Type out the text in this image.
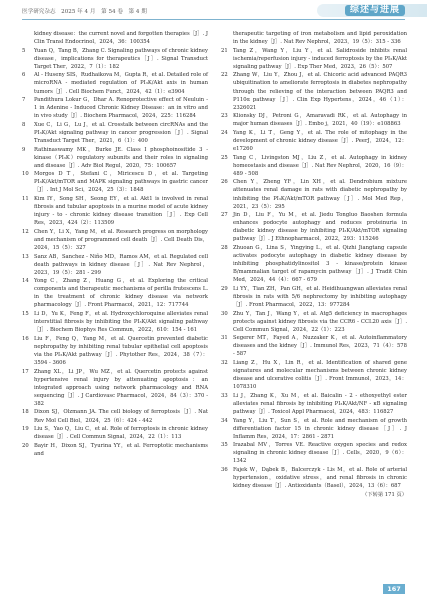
医学研究杂志　2025 年 4 月　第 54 卷　第 4 期	综述与进展
kidney disease：the current novel and forgotten therapies［J］. J Clin Transl Endocrinol，2024，36：100354
5	Yuan Q，Tang B，Zhang C. Signaling pathways of chronic kidney disease，implications for therapeutics［J］. Signal Transduct Target Ther，2022，7（1）：182
6	Al - Huseny SIS，Rudhaikova M，Gupta R，et al. Detailed role of microRNA - mediated regulation of PI₃K/Akt axis in human tumors［J］. Cell Biochem Funct，2024，42（1）：e3904
7	Pandithura Lokur G，Dhar A. Renoprotective effect of Neuluin - 1 in Adenine - Induced Chronic Kidney Disease：an in vitro and in vivo study［J］. Biochem Pharmacol，2024，225：116284
8	Xue C，Li G，Lu J，et al. Crosstalk between circRNAs and the PI₃K/Akt signaling pathway in cancer progression［J］. Signal Transduct Target Ther，2021，6（1）：400
9	Rathinaswamy MK，Burke JE. Class I phosphoinositide 3 - kinase（PI₃K）regulatory subunits and their roles in signaling and disease［J］. Adv Biol Regul，2020，75：100657
10	Morgos D T，Stefani C，Miricescu D，et al. Targeting PI₃K/Akt/mTOR and MAPK signaling pathways in gastric cancer［J］. Int J Mol Sci，2024，25（3）：1848
11	Kim IY，Song SH，Seong EY，et al. Akt1 is involved in renal fibrosis and tubular apoptosis in a murine model of acute kidney injury - to - chronic kidney disease transition［J］. Exp Cell Res，2023，424（2）：113509
12	Chen Y，Li X，Yang M，et al. Research progress on morphology and mechanism of programmed cell death［J］. Cell Death Dis，2024，15（5）：327
13	Sanz AB，Sanchez - Niño MD，Ramos AM，et al. Regulated cell death pathways in kidney disease［J］. Nat Rev Nephrol，2023，19（5）：281 - 299
14	Yong C，Zhang Z，Huang G，et al. Exploring the critical components and therapeutic mechanisms of perilla frutescens L. in the treatment of chronic kidney disease via network pharmacology［J］. Front Pharmacol，2021，12：717744
15	Li D，Yu K，Feng F，et al. Hydroxychloroquine alleviates renal interstitial fibrosis by inhibiting the PI₃K/Akt signaling pathway［J］. Biochem Biophys Res Commun，2022，610：154 - 161
16	Liu F，Feng Q，Yang M，et al. Quercetin prevented diabetic nephropathy by inhibiting renal tubular epithelial cell apoptosis via the PI₃K/Akt pathway［J］. Phytother Res，2024，38（7）：3594 - 3606
17	Zhang XL，Li JP，Wu MZ，et al. Quercetin protects against hypertensive renal injury by attenuating apoptosis：an integrated approach using network pharmacology and RNA sequencing［J］. J Cardiovasc Pharmacol，2024，84（3）：370 - 382
18	Dixon SJ，Olzmann JA. The cell biology of ferroptosis［J］. Nat Rev Mol Cell Biol，2024，25（6）：424 - 442
19	Liu S，Yao Q，Liu C，et al. Role of ferroptosis in chronic kidney disease［J］. Cell Commun Signal，2024，22（1）：113
20	Bayir H，Dixon SJ，Tyurina YY，et al. Ferroptotic mechanisms and
therapeutic targeting of iron metabolism and lipid peroxidation in the kidney［J］. Nat Rev Nephrol，2023，19（5）：315 - 336
21	Tang Z，Wang Y，Liu Y，et al. Salidroside inhibits renal ischemia/reperfusion injury - induced ferroptosis by the PI₃K/Akt signaling pathway［J］. Exp Ther Med，2023，26（5）：507
22	Zhang W，Liu Y，Zhou J，et al. Chicoric acid advanced PAQR3 ubiquitination to ameliorate ferroptosis in diabetes nephropathy through the relieving of the interaction between PAQR3 and P110α pathway［J］. Clin Exp Hypertens，2024，46（1）：2326021
23	Klionsky DJ，Petroni G，Amaravadi RK，et al. Autophagy in major human diseases［J］. Embo j，2021，40（19）：e108863
24	Yang K，Li T，Geng Y，et al. The role of mitophagy in the development of chronic kidney disease［J］. PeerJ，2024，12：e17260
25	Tang C，Livingston MJ，Liu Z，et al. Autophagy in kidney homeostasis and disease［J］. Nat Rev Nephrol，2020，16（9）：489 - 508
26	Chen Y，Zheng YF，Lin XH，et al. Dendrobium mixture attenuates renal damage in rats with diabetic nephropathy by inhibiting the PI₃K/Akt/mTOR pathway［J］. Mol Med Rep，2021，23（5）：295
27	Jin D，Liu F，Yu M，et al. Jiedu Tongluo Baoshen formula enhances podocyte autophagy and reduces proteinuria in diabetic kidney disease by inhibiting PI₃K/Akt/mTOR signaling pathway［J］. J Ethnopharmacol，2022，293：115246
28	Zhuoan G，Lina S，Yingying L，et al. Qizhi Jiangtang capsule activates podocyte autophagy in diabetic kidney disease by inhibiting phosphatidylinositol 3 - kinase/protein kinase B/mammalian target of rapamycin pathway［J］. J Tradit Chin Med，2024，44（4）：667 - 679
29	Li YY，Tian ZH，Pan GH，et al. Heidihuangwan alleviates renal fibrosis in rats with 5/6 nephrectomy by inhibiting autophagy［J］. Front Pharmacol，2022，13：977284
30	Zhu Y，Tan J，Wang Y，et al. Atg5 deficiency in macrophages protects against kidney fibrosis via the CCR6 - CCL20 axis［J］. Cell Commun Signal，2024，22（1）：223
31	Segerer MT，Fayed A，Nuzzaker K，et al. Autoinflammatory diseases and the kidney［J］. Immunol Res，2023，71（4）：578 - 587
32	Liang Z，Hu X，Lin R，et al. Identification of shared gene signatures and molecular mechanisms between chronic kidney disease and ulcerative colitis［J］. Front Immunol，2023，14：1078310
33	Li J，Zhang K，Xu M，et al. Baicalin - 2 - ethoxyethyl ester alleviates renal fibrosis by inhibiting PI₃K/Akt/NF - κB signaling pathway［J］. Toxicol Appl Pharmacol，2024，483：116827
34	Yang Y，Liu T，Sun S，et al. Role and mechanism of growth differentiation factor 15 in chronic kidney disease［J］. J Inflamm Res，2024，17：2861 - 2871
35	Irazabal MV，Torres VE. Reactive oxygen species and redox signaling in chronic kidney disease［J］. Cells，2020，9（6）：1342
36	Fajek W，Dąbek B，Balcerczyk - Lis M，et al. Role of arterial hypertension，oxidative stress，and renal fibrosis in chronic kidney disease［J］. Antioxidants（Basel），2024，13（6）：687
（下转第 171 页）
167
